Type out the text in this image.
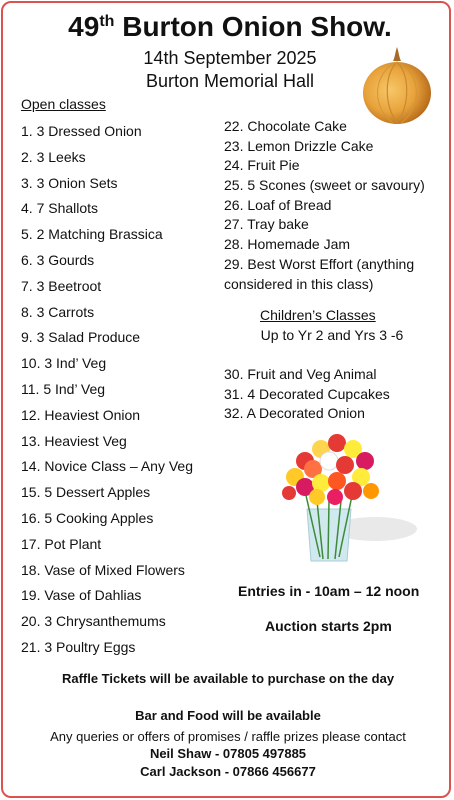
49th Burton Onion Show.
14th September 2025
Burton Memorial Hall
Open classes
1. 3 Dressed Onion
2. 3 Leeks
3. 3 Onion Sets
4. 7 Shallots
5. 2 Matching Brassica
6. 3 Gourds
7. 3 Beetroot
8. 3 Carrots
9. 3 Salad Produce
10. 3 Ind’ Veg
11. 5 Ind’ Veg
12. Heaviest Onion
13. Heaviest Veg
14. Novice Class – Any Veg
15. 5 Dessert Apples
16. 5 Cooking Apples
17. Pot Plant
18. Vase of Mixed Flowers
19. Vase of Dahlias
20. 3 Chrysanthemums
21. 3 Poultry Eggs
22. Chocolate Cake
23. Lemon Drizzle Cake
24. Fruit Pie
25. 5 Scones (sweet or savoury)
26. Loaf of Bread
27. Tray bake
28. Homemade Jam
29. Best Worst Effort (anything considered in this class)
Children’s Classes
Up to Yr 2 and Yrs 3 -6
30. Fruit and Veg Animal
31. 4 Decorated Cupcakes
32. A Decorated Onion
Entries in - 10am – 12 noon
Auction starts 2pm
Raffle Tickets will be available to purchase on the day
Bar and Food will be available
Any queries or offers of promises / raffle prizes please contact
Neil Shaw - 07805 497885
Carl Jackson - 07866 456677
